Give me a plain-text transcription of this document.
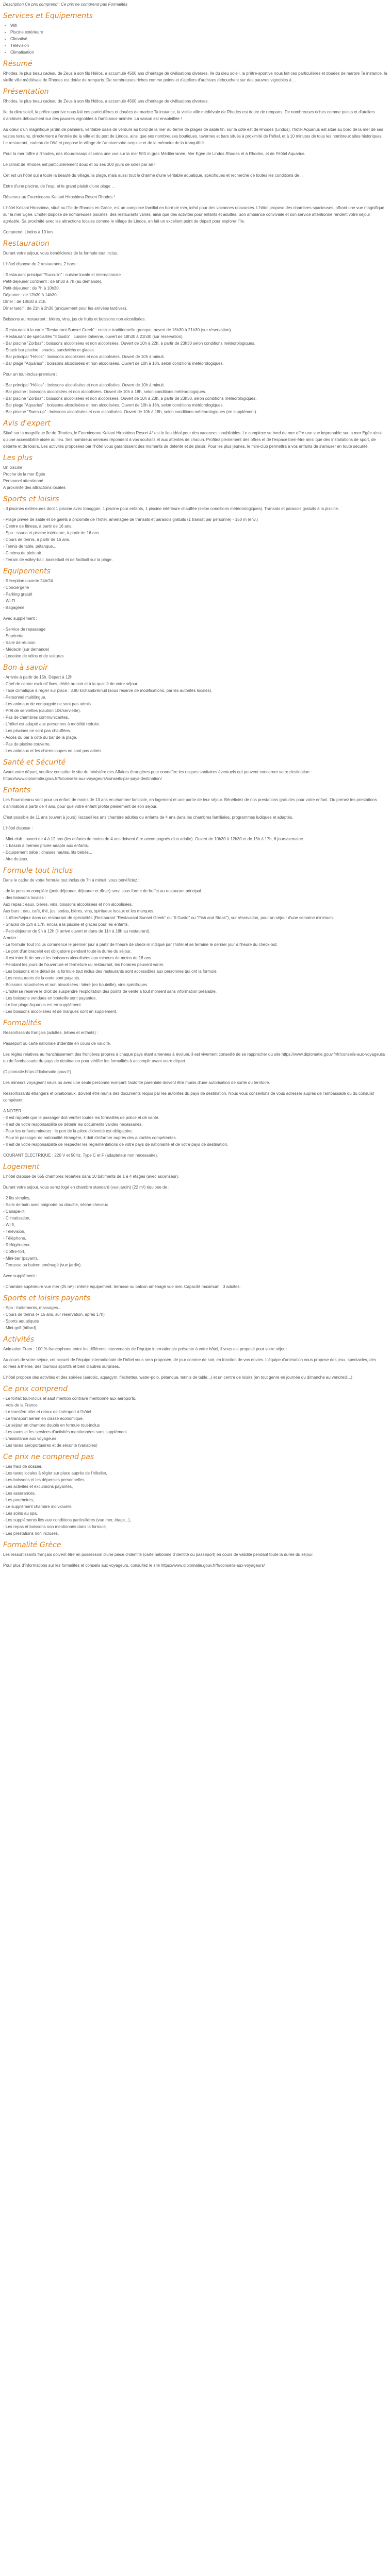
Description Ce prix comprend : Ce prix ne comprend pas Formalités

Services et Equipements
• Wifi
• Piscine extérieure
• Climatisé
• Télévision
• Climatisation
Résumé

Rhodes, le plus beau cadeau de Zeus à son fils Hélios, a accumulé 4500 ans d'héritage de civilisations diverses. Ile du dieu soleil, la prêtre-sportive nous fait ces particulières et douées de marbre Ta instance, la vieille ville médiévale de Rhodes est dotée de remparts. De nombreuses riches comme points et d'ateliers d'archives débouchent sur des pauvres vignobles à ...

Présentation

Rhodes, le plus beau cadeau de Zeus à son fils Hélios, a accumulé 4500 ans d'héritage de civilisations diverses.

Ile du dieu soleil, la prêtre-sportive nous fait ces particulières et douées de marbre Ta instance, la vieille ville médiévale de Rhodes est dotée de remparts. De nombreuses riches comme points et d'ateliers d'archives débouchent sur des pauvres vignobles à l'ambiance animée. La saison est ensoleillée !

Au cœur d'un magnifique jardin de palmiers, véritable oasis de verdure au bord de la mer au terme de plages de sable fin, sur la côte est de Rhodes (Lindos), l'hôtel Aquarius est situé au bord de la mer de ses vastes terrains, directement à l'entrée de la ville et du port de Lindos, ainsi que ses nombreuses boutiques, tavernes et bars situés à proximité de l'hôtel, et à 10 minutes de tous les nombreux sites historiques. Le restaurant, cadeau de l'été et propose le village de l'anniversaire acquise et de la mémoire de la tranquillité.

Pour la mer toffre à Rhodes, des étourdissaqs et coins une vue sur la mer 500 m grec Méditerranée, Mer Egée de Lindos Rhodes et à Rhodes, et de l'Hôtel Aquarius.

Le climat de Rhodes est particulièrement doux et ou ses 300 jours de soleil par an !

Cet est un hôtel qui a toute la beauté du village, la plage, mais aussi tout le charme d'une véritable aquatique, spécifiques et recherché de toutes les conditions de ...

Entre d'une piscine, de l'esp, et le grand plaisir d'une plage ...

Réservez au Fourniceanu Keitani Hiroshima Resort Rhodes !

L'hôtel Keitani Hiroshima, situé au l'île de Rhodes en Grèce, est un complexe familial en bord de mer, idéal pour des vacances relaxantes. L'hôtel propose des chambres spacieuses, offrant une vue magnifique sur la mer Egée. L'hôtel dispose de nombreuses piscines, des restaurants variés, ainsi que des activités pour enfants et adultes. Son ambiance conviviale et son service attentionné rendent votre séjour agréable. Sa proximité avec les attractions locales comme le village de Lindos, en fait un excellent point de départ pour explorer l'île.

Comprend: Lindos à 10 km.

Restauration

Durant votre séjour, vous bénéficierez de la formule tout inclus.

L'hôtel dispose de 2 restaurants, 2 bars :

- Restaurant principal "Succulin" : cuisine locale et internationale
Petit-déjeuner continent : de 6h30 à 7h (au demande).
Petit-déjeuner : de 7h à 10h30.
Déjeuner : de 12h30 à 14h30.
Dîner : de 18h30 à 21h.
Dîner tardif : de 21h à 2h30 (uniquement pour les arrivées tardives).

Boissons au restaurant : bières, vins, jus de fruits et boissons non alcoolisées.

- Restaurant à la carte "Restaurant Sunset Greek" : cuisine traditionnelle grecque, ouvert de 18h30 à 21h30 (sur réservation).
- Restaurant de spécialités "Il Gusto" : cuisine italienne, ouvert de 18h30 à 21h30 (sur réservation).
- Bar piscine "Zorbas" : boissons alcoolisées et non alcoolisées. Ouvert de 10h à 22h, à partir de 23h30 selon conditions météorologiques.
- Snack bar piscine : snacks, sandwichs et glaces.
- Bar principal "Hélios" : boissons alcoolisées et non alcoolisées. Ouvert de 10h à minuit.
- Bar plage "Aquarius" : boissons alcoolisées et non alcoolisées. Ouvert de 10h à 18h, selon conditions météorologiques.

Pour un tout-inclus-premium :

- Bar principal "Hélios" : boissons alcoolisées et non alcoolisées. Ouvert de 10h à minuit.
- Bar piscine : boissons alcoolisées et non alcoolisées. Ouvert de 10h à 18h, selon conditions météorologiques.
- Bar piscine "Zorbas" : boissons alcoolisées et non alcoolisées. Ouvert de 10h à 23h, à partir de 23h30, selon conditions météorologiques.
- Bar plage "Aquarius" : boissons alcoolisées et non alcoolisées. Ouvert de 10h à 18h, selon conditions météorologiques.
- Bar piscine "Swim-up" : boissons alcoolisées et non alcoolisées. Ouvert de 10h à 18h, selon conditions météorologiques (en supplément).
Avis d'expert

Situé sur la magnifique île de Rhodes, le Fourniceanu Keitani Hiroshima Resort 4* est le lieu idéal pour des vacances inoubliables. Le complexe se bord de mer offre une vue imprenable sur la mer Egée ainsi qu'une accessibilité aisée au lieu. Ses nombreux services répondent à vos souhaits et aux attentes de chacun. Profitez pleinement des offres et de l'espace bien-être ainsi que des installations de sport, de détente et de loisirs. Les activités proposées par l'hôtel vous garantissent des moments de détente et de plaisir. Pour les plus jeunes, le mini-club permettra à vos enfants de s'amuser en toute sécurité.

Les plus
Un piscine
Proche de la mer Egée
Personnel attentionné
A proximité des attractions locales
Sports et loisirs

- 3 piscines extérieures dont 1 piscine avec toboggan, 1 piscine pour enfants, 1 piscine intérieure chauffée (selon conditions météorologiques). Transats et parasols gratuits à la piscine.

- Plage privée de sable et de galets à proximité de l'hôtel, aménagée de transats et parasols gratuits (1 transat par personne) - 150 m (env.)
- Centre de fitness, à partir de 16 ans.
- Spa : sauna et piscine intérieure, à partir de 16 ans.
- Cours de tennis, à partir de 16 ans.
- Tennis de table, pétanque...
- Cinéma de plein air.
- Terrain de volley-ball, basketball et de football sur la plage.
Equipements
- Réception ouverte 24h/24
- Conciergerie
- Parking gratuit
- Wi-Fi
- Bagagerie

Avec supplément :

- Service de repassage
- Supérette
- Salle de réunion
- Médecin (sur demande)
- Location de vélos et de voitures
Bon à savoir
- Arrivée à partir de 15h. Départ à 12h.
- Chef de centre exclusif fixes, dédié au soir et à la qualité de votre séjour.
- Taxe climatique à régler sur place : 3.80 €/chambre/nuit (sous réserve de modifications, par les autorités locales).
- Personnel multilingue.
- Les animaux de compagnie ne sont pas admis.
- Prêt de serviettes (caution 10€/serviette).
- Pas de chambres communicantes.
- L'hôtel est adapté aux personnes à mobilité réduite.
- Les piscines ne sont pas chauffées.
- Accès du bar à côté du bar de la plage.
- Pas de piscine couverte.
- Les animaux et les chiens-loupes ne sont pas admis.
Santé et Sécurité

Avant votre départ, veuillez consulter le site du ministère des Affaires étrangères pour connaître les risques sanitaires éventuels qui peuvent concerner votre destination : https://www.diplomatie.gouv.fr/fr/conseils-aux-voyageurs/conseils-par-pays-destination/

Enfants

Les Fourniceanu sont pour un enfant de moins de 13 ans en chambre familiale, en logement et une partie de leur séjour. Bénéficiez de nos prestations gratuites pour votre enfant. Ou prenez les prestations d'animation à partir de 4 ans, pour que votre enfant profite pleinement de son séjour.

C'est possible de 11 ans (ouvert à jours) l'accueil les ans chambre adultes ou enfants de 4 ans dans les chambres familiales, programmes ludiques et adaptés.

L'hôtel dispose :

- Mini-club : ouvert de 4 à 12 ans (les enfants de moins de 4 ans doivent être accompagnés d'un adulte). Ouvert de 10h30 à 12h30 et de 15h à 17h, 6 jours/semaine.
- 1 bassin à thèmes privée adapte aux enfants.
- Equipement bébé : chaises hautes, lits bébés...
- Aire de jeux.
Formule tout inclus

Dans le cadre de votre formule tout inclus de 7h à minuit, vous bénéficiez :

- de la pension complète (petit-déjeuner, déjeuner et dîner) servi sous forme de buffet au restaurant principal.
- des boissons locales :
Aux repas : eaux, bières, vins, boissons alcoolisées et non alcoolisées.
Aux bars : eau, café, thé, jus, sodas, bières, vins, spiritueux locaux et les marques.
- 1 dîner/séjour dans un restaurant de spécialités (Restaurant "Restaurant Sunset Greek" ou "Il Gusto" ou "Fish and Steak"), sur réservation, pour un séjour d'une semaine minimum.
- Snacks de 12h à 17h, encas à la piscine et glaces pour les enfants.
- Petit-déjeuner de 9h à 12h (il arrive ouvert et dans de 11h à 18h au restaurant).
A noter :
- La formule Tout Inclus commence le premier jour à partir de l'heure de check-in indiqué par l'hôtel et se termine le dernier jour à l'heure du check-out.
- Le port d'un bracelet est obligatoire pendant toute la durée du séjour.
- Il est interdit de servir les boissons alcoolisées aux mineurs de moins de 18 ans.
- Pendant les jours de l'ouverture et fermeture du restaurant, les horaires peuvent varier.
- Les boissons et le détail de la formule tout inclus des restaurants sont accessibles aux personnes qui ont la formule.
- Les restaurants de la carte sont payants.
- Boissons alcoolisées et non alcoolisées : bière (en bouteille), vins spécifiques.
- L'hôtel se réserve le droit de suspendre l'exploitation des points de vente à tout moment sans information préalable.
- Les boissons vendues en bouteille sont payantes.
- Le bar plage Aquarius est en supplément.
- Les boissons alcoolisées et de marques sont en supplément.
Formalités

Ressortissants français (adultes, bébés et enfants) :

Passeport ou carte nationale d'identité en cours de validité.

Les règles relatives au franchissement des frontières propres à chaque pays étant amenées à évoluer, il est vivement conseillé de se rapprocher du site https://www.diplomatie.gouv.fr/fr/conseils-aux-voyageurs/ ou de l'ambassade du pays de destination pour vérifier les formalités à accomplir avant votre départ.

(Diplomatie.https://diplomatie.gouv.fr)

Les mineurs voyageant seuls ou avec une seule personne exerçant l'autorité parentale doivent être munis d'une autorisation de sortie du territoire.

Ressortissants étrangers et binationaux, doivent être munis des documents requis par les autorités du pays de destination. Nous vous conseillons de vous adresser auprès de l'ambassade ou du consulat compétent.

A NOTER :
- Il est rappelé que le passager doit vérifier toutes les formalités de police et de santé.
- Il est de votre responsabilité de détenir les documents valides nécessaires.
- Pour les enfants mineurs : le port de la pièce d'identité est obligatoire.
- Pour le passager de nationalité étrangère, il doit s'informer auprès des autorités compétentes.
- Il est de votre responsabilité de respecter les réglementations de votre pays de nationalité et de votre pays de destination.

COURANT ÉLECTRIQUE : 220 V et 50Hz. Type C et F (adaptateur non nécessaire).

Logement

L'hôtel dispose de 655 chambres réparties dans 10 bâtiments de 1 à 4 étages (avec ascenseur).

Durant votre séjour, vous serez logé en chambre standard (vue jardin) (22 m²) équipée de :

- 2 lits simples,
- Salle de bain avec baignoire ou douche, sèche-cheveux
- Canapé-lit,
- Climatisation,
- Wi-fi,
- Télévision,
- Téléphone,
- Réfrigérateur,
- Coffre-fort,
- Mini-bar (payant),
- Terrasse ou balcon aménagé (vue jardin).

Avec supplément :

- Chambre supérieure vue mer (25 m²) : même équipement, terrasse ou balcon aménagé vue mer. Capacité maximum : 3 adultes.

Sports et loisirs payants
- Spa : traitements, massages...
- Cours de tennis (+ 16 ans, sur réservation, après 17h)
- Sports aquatiques
- Mini-golf (billard)
Activités

Animation Fram : 100 % francophone entre les différents intervenants de l'équipe internationale présente à votre hôtel, il vous est proposé pour votre séjour.

Au cours de votre séjour, cet accueil de l'équipe internationale de l'hôtel vous sera proposée, de jour comme de soir, en fonction de vos envies. L'équipe d'animation vous propose des jeux, spectacles, des soirées à thème, des tournois sportifs et bien d'autres surprises.

L'hôtel propose des activités et des soirées (aérobic, aquagym, fléchettes, water-polo, pétanque, tennis de table...) et un centre de loisirs (en tout genre en journée du dimanche au vendredi...)

Ce prix comprend
- Le forfait tout-inclus et sauf mention contraire mentionné aux aéroports,
- Vols de la France
- Le transfert aller et retour de l'aéroport à l'hôtel
- Le transport aérien en classe économique,
- Le séjour en chambre double en formule tout-inclus
- Les taxes et les services d'activités mentionnées sans supplément
- L'assistance aux voyageurs
- Les taxes aéroportuaires et de sécurité (variables)
Ce prix ne comprend pas
- Les frais de dossier,
- Les taxes locales à régler sur place auprès de l'hôtelier,
- Les boissons et les dépenses personnelles,
- Les activités et excursions payantes,
- Les assurances,
- Les pourboires,
- Le supplément chambre individuelle,
- Les soins au spa,
- Les suppléments liés aux conditions particulières (vue mer, étage...),
- Les repas et boissons non mentionnés dans la formule,
- Les prestations non incluses.
Formalité Grèce

Les ressortissants français doivent être en possession d'une pièce d'identité (carte nationale d'identité ou passeport) en cours de validité pendant toute la durée du séjour.

Pour plus d'informations sur les formalités et conseils aux voyageurs, consultez le site https://www.diplomatie.gouv.fr/fr/conseils-aux-voyageurs/
